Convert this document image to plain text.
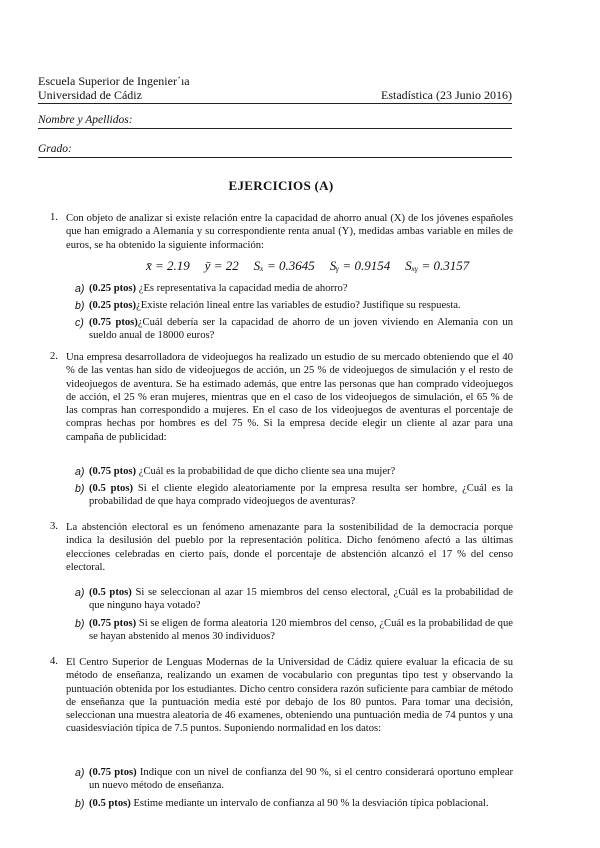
Escuela Superior de Ingenier´ıa
Universidad de Cádiz	Estadística (23 Junio 2016)
Nombre y Apellidos:
Grado:
EJERCICIOS (A)
1. Con objeto de analizar si existe relación entre la capacidad de ahorro anual (X) de los jóvenes españoles que han emigrado a Alemania y su correspondiente renta anual (Y), medidas ambas variable en miles de euros, se ha obtenido la siguiente información:
x̄ = 2.19 ȳ = 22 Sₓ = 0.3645 Sᵧ = 0.9154 Sₓᵧ = 0.3157
a) (0.25 ptos) ¿Es representativa la capacidad media de ahorro?
b) (0.25 ptos)¿Existe relación lineal entre las variables de estudio? Justifique su respuesta.
c) (0.75 ptos)¿Cuál debería ser la capacidad de ahorro de un joven viviendo en Alemania con un sueldo anual de 18000 euros?
2. Una empresa desarrolladora de videojuegos ha realizado un estudio de su mercado obteniendo que el 40 % de las ventas han sido de videojuegos de acción, un 25 % de videojuegos de simulación y el resto de videojuegos de aventura. Se ha estimado además, que entre las personas que han comprado videojuegos de acción, el 25 % eran mujeres, mientras que en el caso de los videojuegos de simulación, el 65 % de las compras han correspondido a mujeres. En el caso de los videojuegos de aventuras el porcentaje de compras hechas por hombres es del 75 %. Si la empresa decide elegir un cliente al azar para una campaña de publicidad:
a) (0.75 ptos) ¿Cuál es la probabilidad de que dicho cliente sea una mujer?
b) (0.5 ptos) Si el cliente elegido aleatoriamente por la empresa resulta ser hombre, ¿Cuál es la probabilidad de que haya comprado videojuegos de aventuras?
3. La abstención electoral es un fenómeno amenazante para la sostenibilidad de la democracia porque indica la desilusión del pueblo por la representación política. Dicho fenómeno afectó a las últimas elecciones celebradas en cierto país, donde el porcentaje de abstención alcanzó el 17 % del censo electoral.
a) (0.5 ptos) Si se seleccionan al azar 15 miembros del censo electoral, ¿Cuál es la probabilidad de que ninguno haya votado?
b) (0.75 ptos) Si se eligen de forma aleatoria 120 miembros del censo, ¿Cuál es la probabilidad de que se hayan abstenido al menos 30 individuos?
4. El Centro Superior de Lenguas Modernas de la Universidad de Cádiz quiere evaluar la eficacia de su método de enseñanza, realizando un examen de vocabulario con preguntas tipo test y observando la puntuación obtenida por los estudiantes. Dicho centro considera razón suficiente para cambiar de método de enseñanza que la puntuación media esté por debajo de los 80 puntos. Para tomar una decisión, seleccionan una muestra aleatoria de 46 examenes, obteniendo una puntuación media de 74 puntos y una cuasidesviación típica de 7.5 puntos. Suponiendo normalidad en los datos:
a) (0.75 ptos) Indique con un nivel de confianza del 90 %, si el centro considerará oportuno emplear un nuevo método de enseñanza.
b) (0.5 ptos) Estime mediante un intervalo de confianza al 90 % la desviación típica poblacional.
